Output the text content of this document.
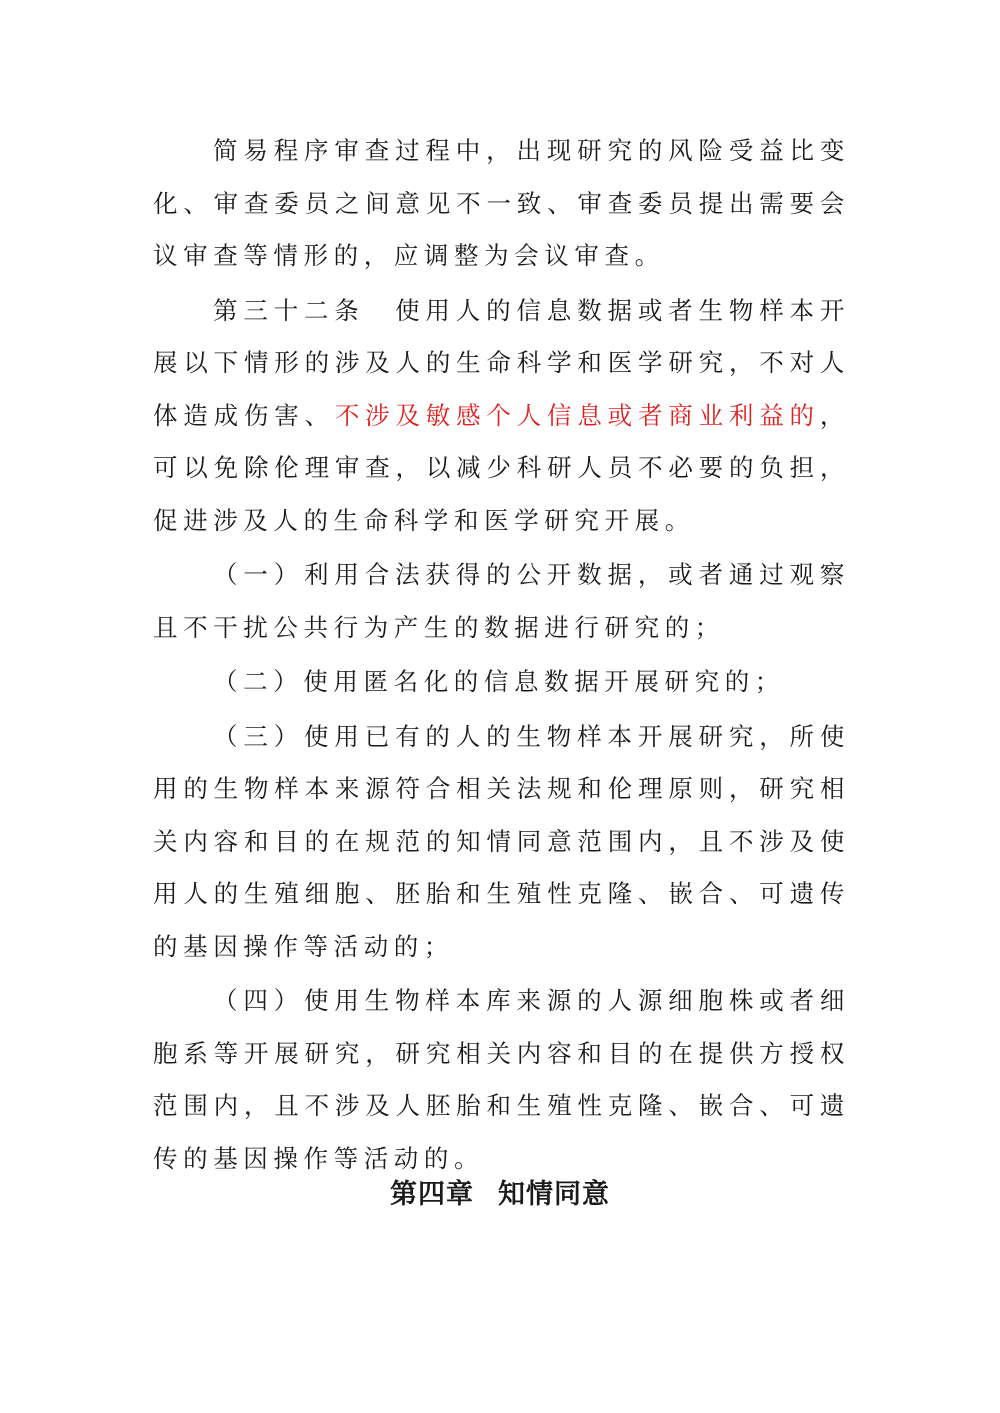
简易程序审查过程中，出现研究的风险受益比变化、审查委员之间意见不一致、审查委员提出需要会议审查等情形的，应调整为会议审查。

第三十二条　使用人的信息数据或者生物样本开展以下情形的涉及人的生命科学和医学研究，不对人体造成伤害、不涉及敏感个人信息或者商业利益的，可以免除伦理审查，以减少科研人员不必要的负担，促进涉及人的生命科学和医学研究开展。

（一）利用合法获得的公开数据，或者通过观察且不干扰公共行为产生的数据进行研究的；

（二）使用匿名化的信息数据开展研究的；

（三）使用已有的人的生物样本开展研究，所使用的生物样本来源符合相关法规和伦理原则，研究相关内容和目的在规范的知情同意范围内，且不涉及使用人的生殖细胞、胚胎和生殖性克隆、嵌合、可遗传的基因操作等活动的；

（四）使用生物样本库来源的人源细胞株或者细胞系等开展研究，研究相关内容和目的在提供方授权范围内，且不涉及人胚胎和生殖性克隆、嵌合、可遗传的基因操作等活动的。

第四章 知情同意
